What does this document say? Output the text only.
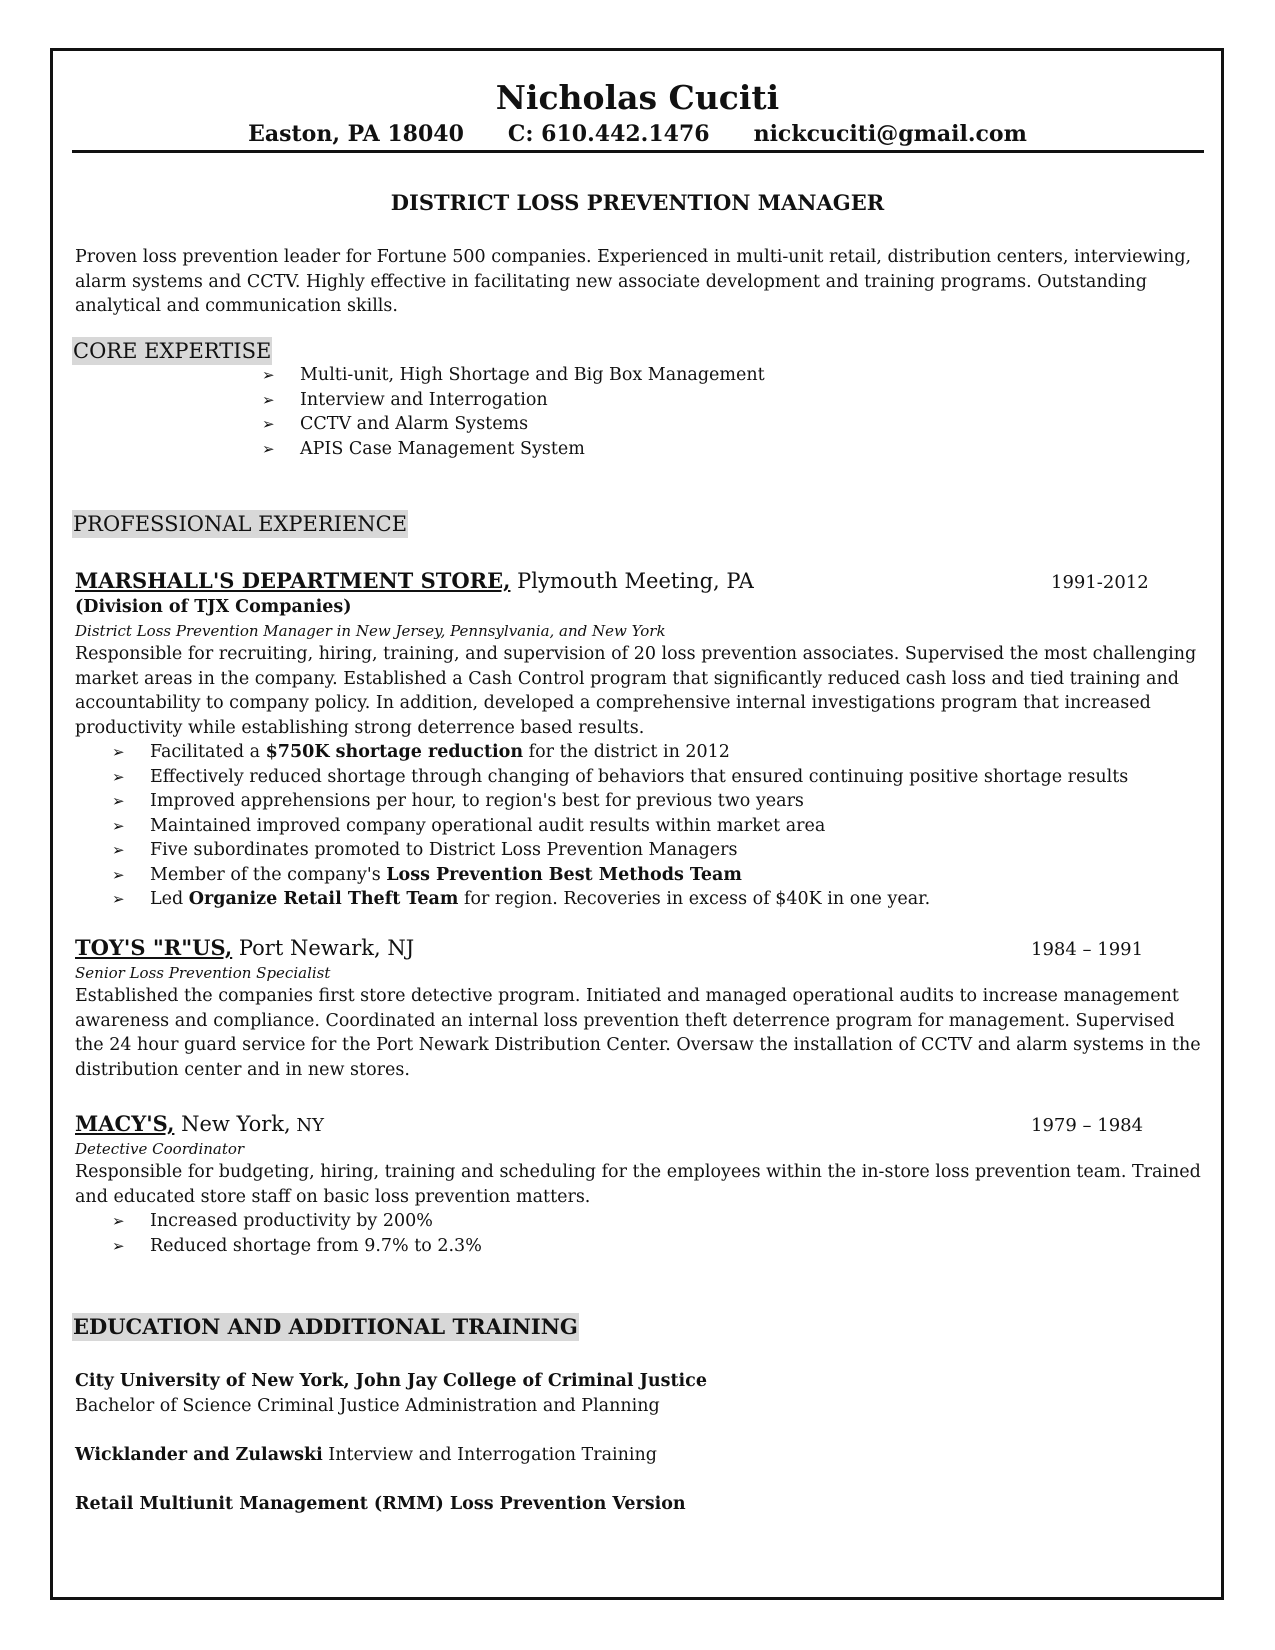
Nicholas Cuciti
Easton, PA 18040 C: 610.442.1476 nickcuciti@gmail.com
DISTRICT LOSS PREVENTION MANAGER
Proven loss prevention leader for Fortune 500 companies. Experienced in multi-unit retail, distribution centers, interviewing, alarm systems and CCTV. Highly effective in facilitating new associate development and training programs. Outstanding analytical and communication skills.
CORE EXPERTISE
➢ Multi-unit, High Shortage and Big Box Management
➢ Interview and Interrogation
➢ CCTV and Alarm Systems
➢ APIS Case Management System
PROFESSIONAL EXPERIENCE
MARSHALL'S DEPARTMENT STORE, Plymouth Meeting, PA	1991-2012
(Division of TJX Companies)
District Loss Prevention Manager in New Jersey, Pennsylvania, and New York
Responsible for recruiting, hiring, training, and supervision of 20 loss prevention associates. Supervised the most challenging market areas in the company. Established a Cash Control program that significantly reduced cash loss and tied training and accountability to company policy. In addition, developed a comprehensive internal investigations program that increased productivity while establishing strong deterrence based results.
➢ Facilitated a $750K shortage reduction for the district in 2012
➢ Effectively reduced shortage through changing of behaviors that ensured continuing positive shortage results
➢ Improved apprehensions per hour, to region's best for previous two years
➢ Maintained improved company operational audit results within market area
➢ Five subordinates promoted to District Loss Prevention Managers
➢ Member of the company's Loss Prevention Best Methods Team
➢ Led Organize Retail Theft Team for region. Recoveries in excess of $40K in one year.
TOY'S "R"US, Port Newark, NJ	1984 – 1991
Senior Loss Prevention Specialist
Established the companies first store detective program. Initiated and managed operational audits to increase management awareness and compliance. Coordinated an internal loss prevention theft deterrence program for management. Supervised the 24 hour guard service for the Port Newark Distribution Center. Oversaw the installation of CCTV and alarm systems in the distribution center and in new stores.
MACY'S, New York, NY	1979 – 1984
Detective Coordinator
Responsible for budgeting, hiring, training and scheduling for the employees within the in-store loss prevention team. Trained and educated store staff on basic loss prevention matters.
➢ Increased productivity by 200%
➢ Reduced shortage from 9.7% to 2.3%
EDUCATION AND ADDITIONAL TRAINING
City University of New York, John Jay College of Criminal Justice
Bachelor of Science Criminal Justice Administration and Planning
Wicklander and Zulawski Interview and Interrogation Training
Retail Multiunit Management (RMM) Loss Prevention Version
